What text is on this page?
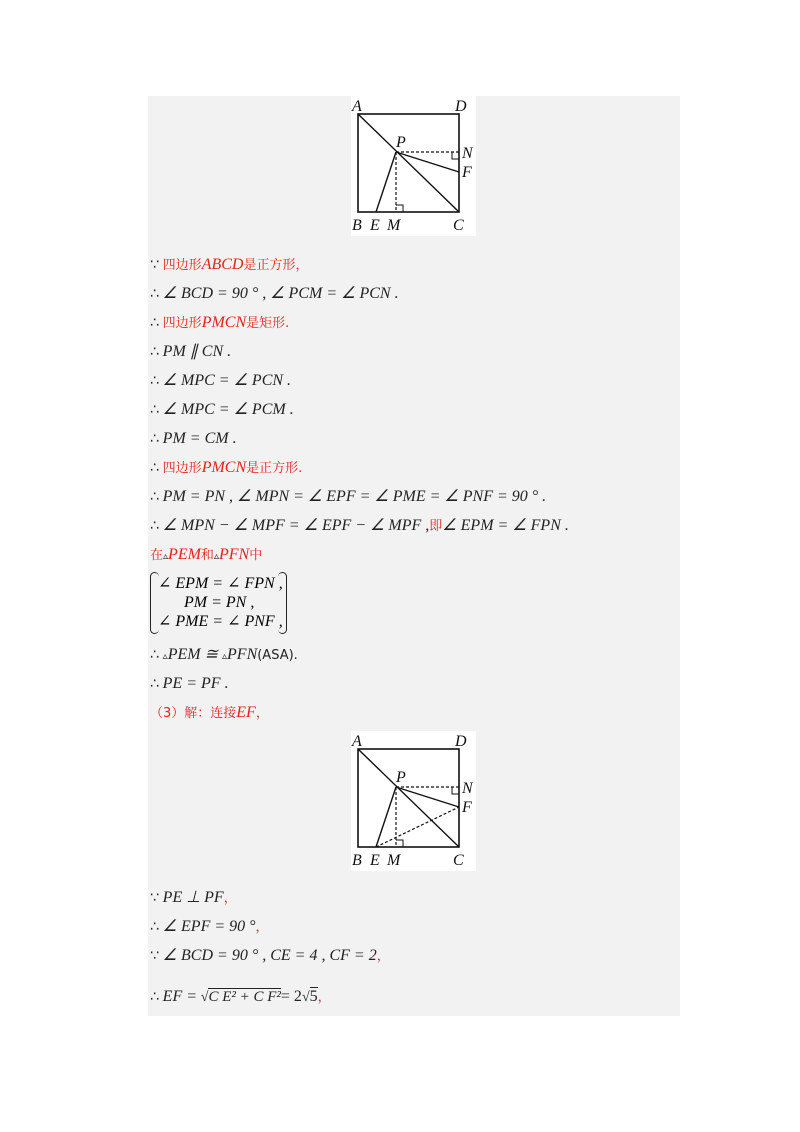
A	D
P
N
F
B E M	C
∵ 四边形ABCD是正方形，
∴ ∠ BCD = 90 ° , ∠ PCM = ∠ PCN .
∴ 四边形PMCN是矩形.
∴ PM ∥ CN .
∴ ∠ MPC = ∠ PCN .
∴ ∠ MPC = ∠ PCM .
∴ PM = CM .
∴ 四边形PMCN是正方形.
∴ PM = PN , ∠ MPN = ∠ EPF = ∠ PME = ∠ PNF = 90 ° .
∴ ∠ MPN − ∠ MPF = ∠ EPF − ∠ MPF ,即∠ EPM = ∠ FPN .
在▵PEM和▵PFN中
∠ EPM = ∠ FPN ,
PM = PN ,
∠ PME = ∠ PNF ,
∴ ▵PEM ≅ ▵PFN(ASA).
∴ PE = PF .
（3）解：连接EF，
A	D
P
N
F
B E M	C
∵ PE ⊥ PF，
∴ ∠ EPF = 90 °，
∵ ∠ BCD = 90 ° , CE = 4 , CF = 2，
∴ EF = √C E² + C F²= 2√5，
